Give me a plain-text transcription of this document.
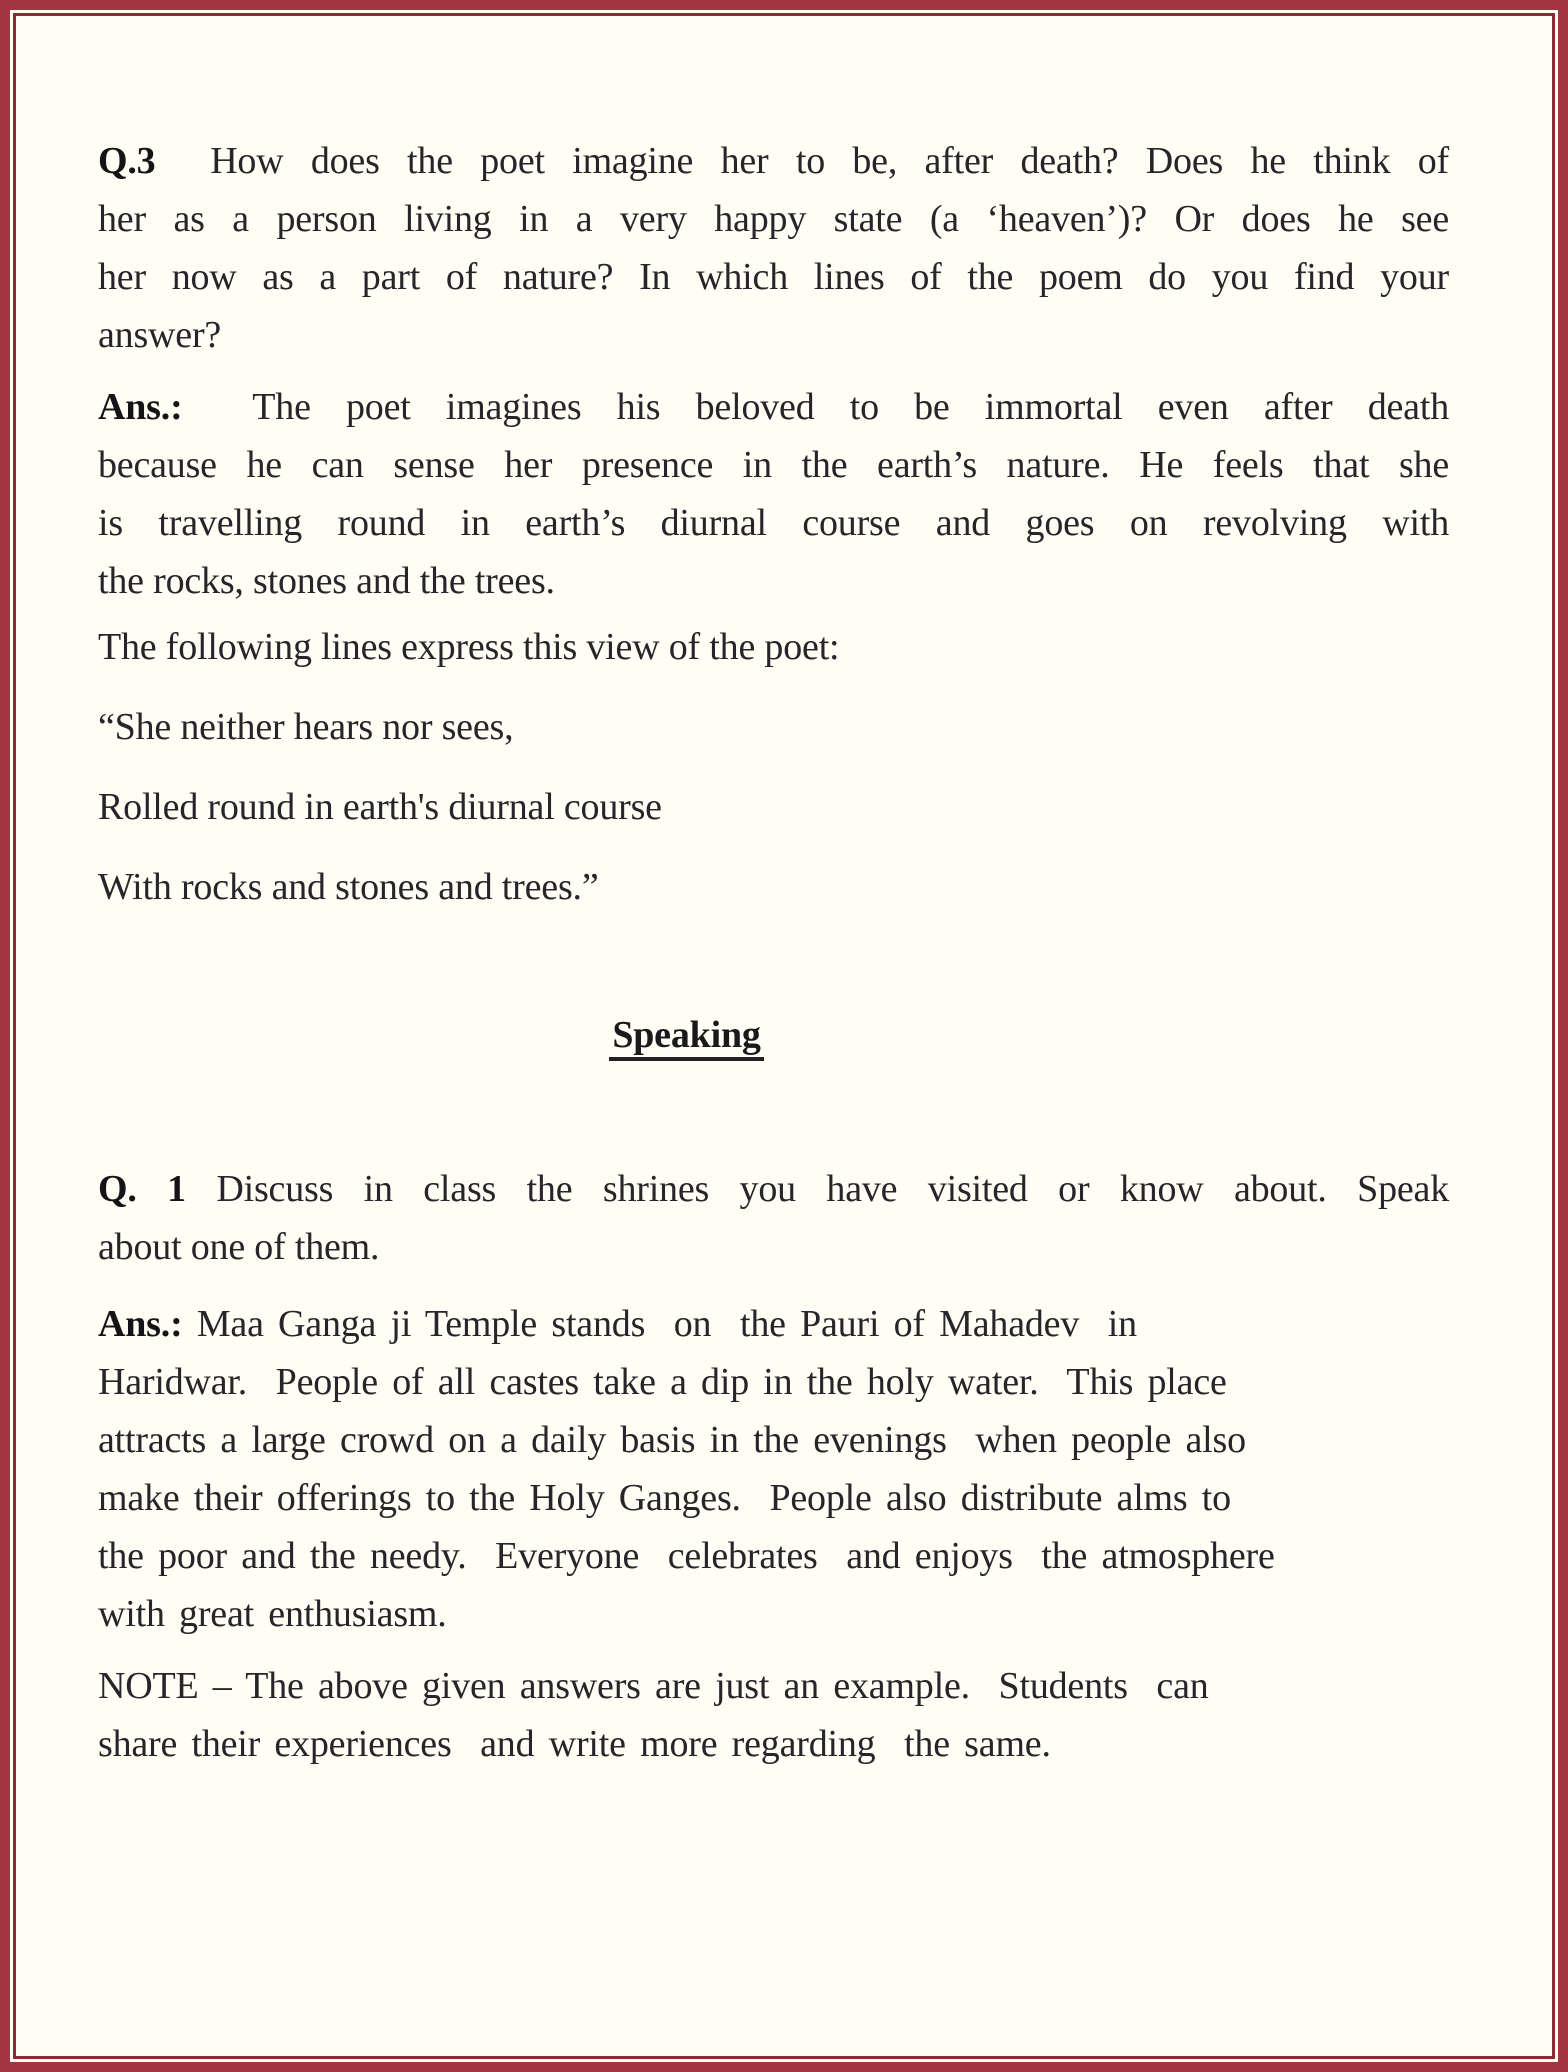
Q.3  How does the poet imagine her to be, after death? Does he think of
her as a person living in a very happy state (a ‘heaven’)? Or does he see
her now as a part of nature? In which lines of the poem do you find your
answer?
Ans.:  The poet imagines his beloved to be immortal even after death
because he can sense her presence in the earth’s nature. He feels that she
is travelling round in earth’s diurnal course and goes on revolving with
the rocks, stones and the trees.
The following lines express this view of the poet:
“She neither hears nor sees,
Rolled round in earth's diurnal course
With rocks and stones and trees.”
Speaking
Q. 1 Discuss in class the shrines you have visited or know about. Speak
about one of them.
Ans.: Maa Ganga ji Temple stands  on  the Pauri of Mahadev  in
Haridwar.  People of all castes take a dip in the holy water.  This place
attracts a large crowd on a daily basis in the evenings  when people also
make their offerings to the Holy Ganges.  People also distribute alms to
the poor and the needy.  Everyone  celebrates  and enjoys  the atmosphere
with great enthusiasm.
NOTE – The above given answers are just an example.  Students  can
share their experiences  and write more regarding  the same.
